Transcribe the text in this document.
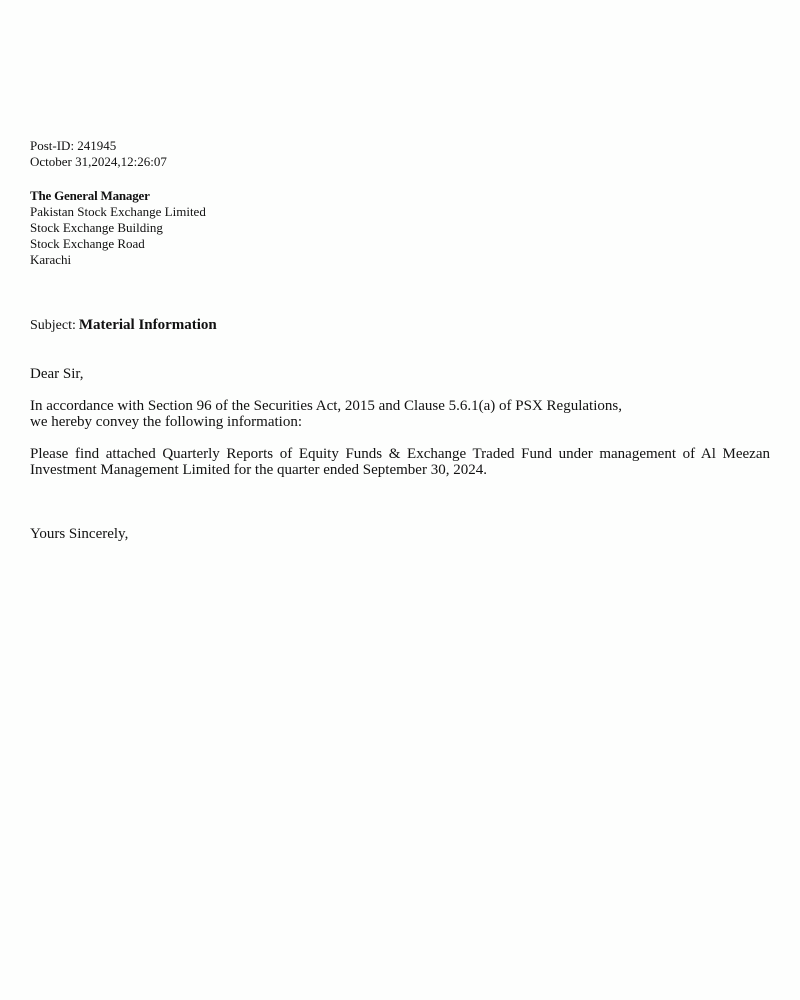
Post-ID: 241945
October 31,2024,12:26:07
The General Manager
Pakistan Stock Exchange Limited
Stock Exchange Building
Stock Exchange Road
Karachi
Subject: Material Information
Dear Sir,
In accordance with Section 96 of the Securities Act, 2015 and Clause 5.6.1(a) of PSX Regulations,
we hereby convey the following information:
Please find attached Quarterly Reports of Equity Funds & Exchange Traded Fund under management of Al Meezan Investment Management Limited for the quarter ended September 30, 2024.
Yours Sincerely,
